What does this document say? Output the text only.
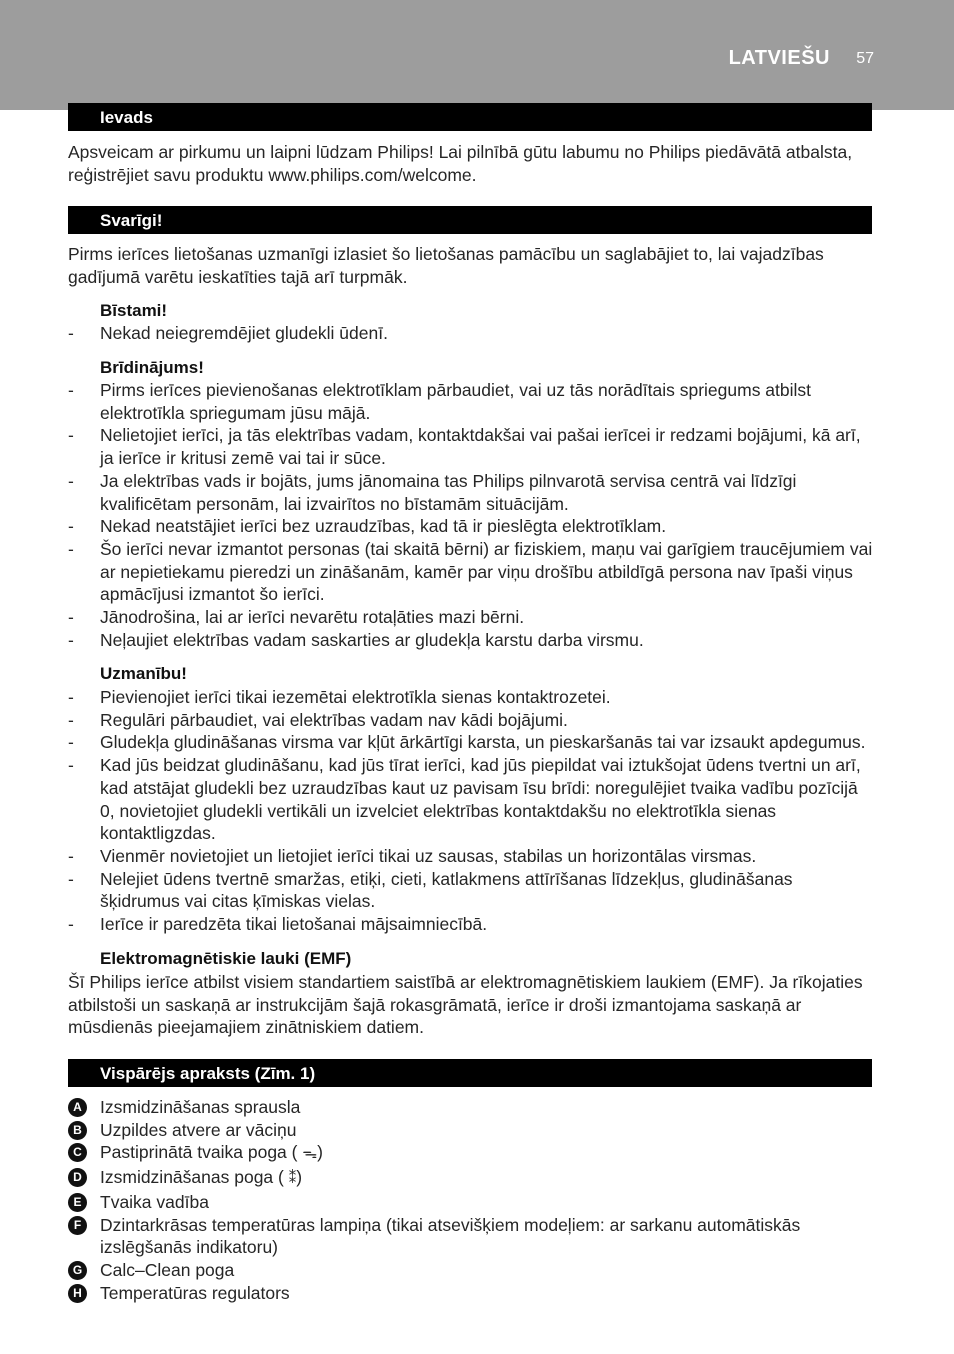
LATVIEŠU 57
Ievads
Apsveicam ar pirkumu un laipni lūdzam Philips! Lai pilnībā gūtu labumu no Philips piedāvātā atbalsta, reģistrējiet savu produktu www.philips.com/welcome.
Svarīgi!
Pirms ierīces lietošanas uzmanīgi izlasiet šo lietošanas pamācību un saglabājiet to, lai vajadzības gadījumā varētu ieskatīties tajā arī turpmāk.
Bīstami!
- Nekad neiegremdējiet gludekli ūdenī.
Brīdinājums!
- Pirms ierīces pievienošanas elektrotīklam pārbaudiet, vai uz tās norādītais spriegums atbilst elektrotīkla spriegumam jūsu mājā.
- Nelietojiet ierīci, ja tās elektrības vadam, kontaktdakšai vai pašai ierīcei ir redzami bojājumi, kā arī, ja ierīce ir kritusi zemē vai tai ir sūce.
- Ja elektrības vads ir bojāts, jums jānomaina tas Philips pilnvarotā servisa centrā vai līdzīgi kvalificētam personām, lai izvairītos no bīstamām situācijām.
- Nekad neatstājiet ierīci bez uzraudzības, kad tā ir pieslēgta elektrotīklam.
- Šo ierīci nevar izmantot personas (tai skaitā bērni) ar fiziskiem, maņu vai garīgiem traucējumiem vai ar nepietiekamu pieredzi un zināšanām, kamēr par viņu drošību atbildīgā persona nav īpaši viņus apmācījusi izmantot šo ierīci.
- Jānodrošina, lai ar ierīci nevarētu rotaļāties mazi bērni.
- Neļaujiet elektrības vadam saskarties ar gludekļa karstu darba virsmu.
Uzmanību!
- Pievienojiet ierīci tikai iezemētai elektrotīkla sienas kontaktrozetei.
- Regulāri pārbaudiet, vai elektrības vadam nav kādi bojājumi.
- Gludekļa gludināšanas virsma var kļūt ārkārtīgi karsta, un pieskaršanās tai var izsaukt apdegumus.
- Kad jūs beidzat gludināšanu, kad jūs tīrat ierīci, kad jūs piepildat vai iztukšojat ūdens tvertni un arī, kad atstājat gludekli bez uzraudzības kaut uz pavisam īsu brīdi: noregulējiet tvaika vadību pozīcijā 0, novietojiet gludekli vertikāli un izvelciet elektrības kontaktdakšu no elektrotīkla sienas kontaktligzdas.
- Vienmēr novietojiet un lietojiet ierīci tikai uz sausas, stabilas un horizontālas virsmas.
- Nelejiet ūdens tvertnē smaržas, etiķi, cieti, katlakmens attīrīšanas līdzekļus, gludināšanas šķidrumus vai citas ķīmiskas vielas.
- Ierīce ir paredzēta tikai lietošanai mājsaimniecībā.
Elektromagnētiskie lauki (EMF)
Šī Philips ierīce atbilst visiem standartiem saistībā ar elektromagnētiskiem laukiem (EMF). Ja rīkojaties atbilstoši un saskaņā ar instrukcijām šajā rokasgrāmatā, ierīce ir droši izmantojama saskaņā ar mūsdienās pieejamajiem zinātniskiem datiem.
Vispārējs apraksts (Zīm. 1)
A Izsmidzināšanas sprausla
B Uzpildes atvere ar vāciņu
C Pastiprinātā tvaika poga ( ᯓ)
D Izsmidzināšanas poga ( ⁑)
E	Tvaika vadība
F	Dzintarkrāsas temperatūras lampiņa (tikai atsevišķiem modeļiem: ar sarkanu automātiskās izslēgšanās indikatoru)
G Calc–Clean poga
H Temperatūras regulators
